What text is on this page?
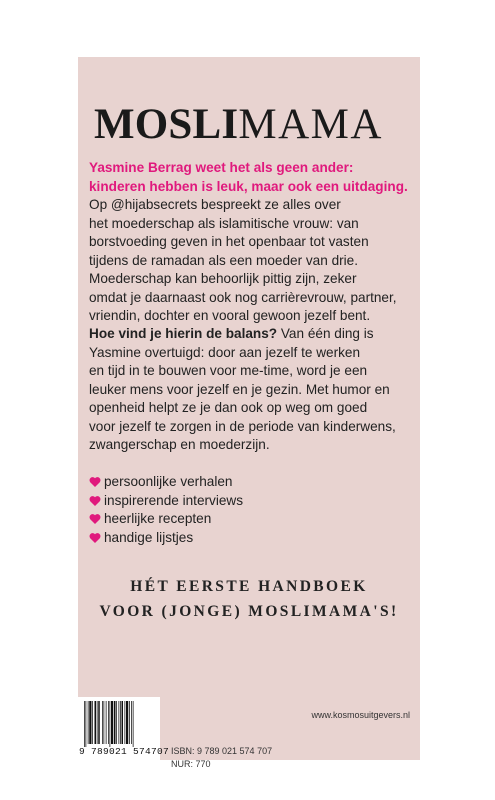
MOSLIMAMA
Yasmine Berrag weet het als geen ander:
kinderen hebben is leuk, maar ook een uitdaging.
Op @hijabsecrets bespreekt ze alles over
het moederschap als islamitische vrouw: van
borstvoeding geven in het openbaar tot vasten
tijdens de ramadan als een moeder van drie.
Moederschap kan behoorlijk pittig zijn, zeker
omdat je daarnaast ook nog carrièrevrouw, partner,
vriendin, dochter en vooral gewoon jezelf bent.
Hoe vind je hierin de balans? Van één ding is
Yasmine overtuigd: door aan jezelf te werken
en tijd in te bouwen voor me-time, word je een
leuker mens voor jezelf en je gezin. Met humor en
openheid helpt ze je dan ook op weg om goed
voor jezelf te zorgen in de periode van kinderwens,
zwangerschap en moederzijn.
persoonlijke verhalen
inspirerende interviews
heerlijke recepten
handige lijstjes
HÉT EERSTE HANDBOEK
VOOR (JONGE) MOSLIMAMA'S!
www.kosmosuitgevers.nl
9 789021 574707 ISBN: 9 789 021 574 707
NUR: 770
